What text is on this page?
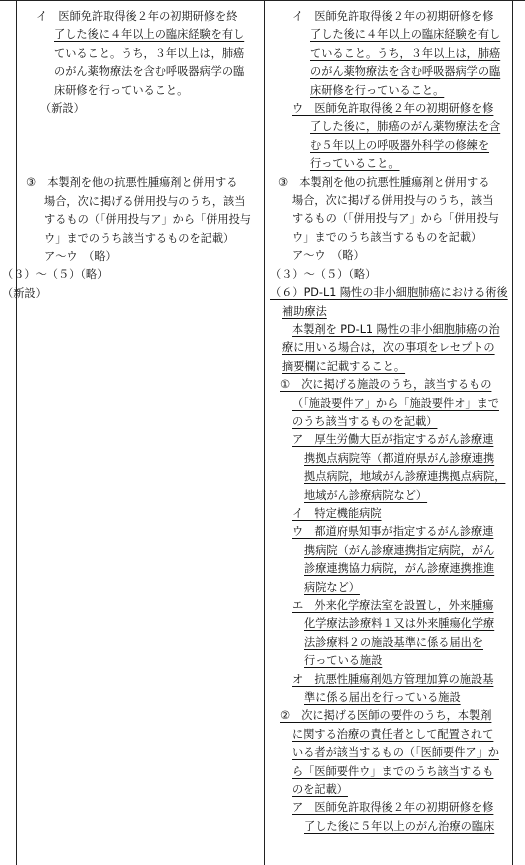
イ　医師免許取得後２年の初期研修を終
了した後に４年以上の臨床経験を有し
ていること。うち，３年以上は，肺癌
のがん薬物療法を含む呼吸器病学の臨
床研修を行っていること。
（新設）
③　本製剤を他の抗悪性腫瘍剤と併用する
場合，次に掲げる併用投与のうち，該当
するもの（「併用投与ア」から「併用投与
ウ」までのうち該当するものを記載）
ア〜ウ　（略）
（３）〜（５）（略）
（新設）
イ　医師免許取得後２年の初期研修を修
了した後に４年以上の臨床経験を有し
ていること。うち，３年以上は，肺癌
のがん薬物療法を含む呼吸器病学の臨
床研修を行っていること。
ウ　医師免許取得後２年の初期研修を修
了した後に，肺癌のがん薬物療法を含
む５年以上の呼吸器外科学の修練を
行っていること。
③　本製剤を他の抗悪性腫瘍剤と併用する
場合，次に掲げる併用投与のうち，該当
するもの（「併用投与ア」から「併用投与
ウ」までのうち該当するものを記載）
ア〜ウ　（略）
（３）〜（５）（略）
（６）PD-L1 陽性の非小細胞肺癌における術後
補助療法
本製剤を PD-L1 陽性の非小細胞肺癌の治
療に用いる場合は，次の事項をレセプトの
摘要欄に記載すること。
①　次に掲げる施設のうち，該当するもの
（「施設要件ア」から「施設要件オ」まで
のうち該当するものを記載）
ア　厚生労働大臣が指定するがん診療連
携拠点病院等（都道府県がん診療連携
拠点病院，地域がん診療連携拠点病院，
地域がん診療病院など）
イ　特定機能病院
ウ　都道府県知事が指定するがん診療連
携病院（がん診療連携指定病院，がん
診療連携協力病院，がん診療連携推進
病院など）
エ　外来化学療法室を設置し，外来腫瘍
化学療法診療料１又は外来腫瘍化学療
法診療料２の施設基準に係る届出を
行っている施設
オ　抗悪性腫瘍剤処方管理加算の施設基
準に係る届出を行っている施設
②　次に掲げる医師の要件のうち，本製剤
に関する治療の責任者として配置されて
いる者が該当するもの（「医師要件ア」か
ら「医師要件ウ」までのうち該当するも
のを記載）
ア　医師免許取得後２年の初期研修を修
了した後に５年以上のがん治療の臨床
